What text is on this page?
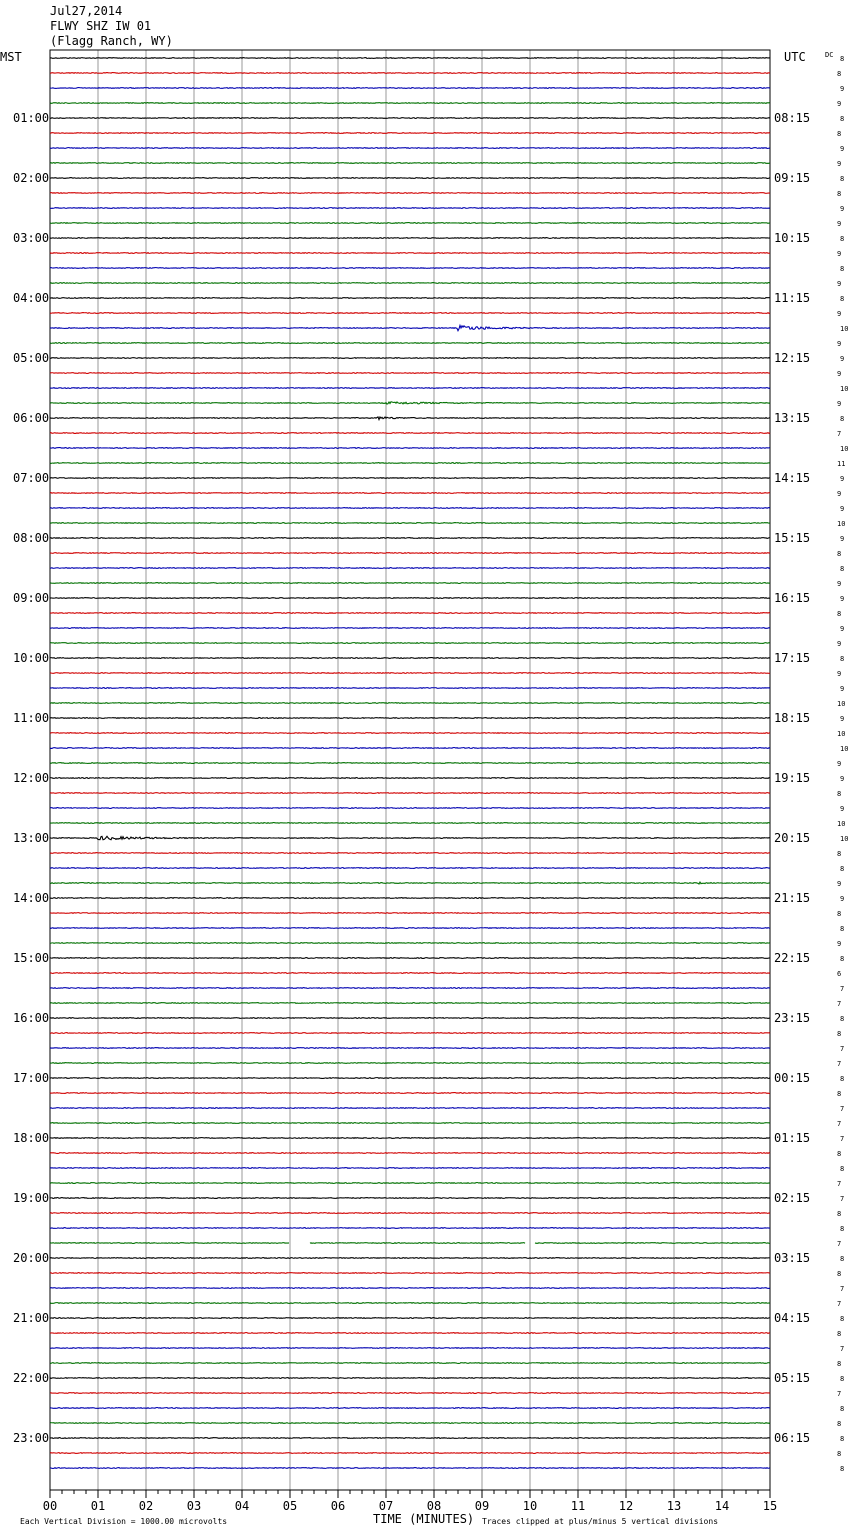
Jul27,2014
FLWY SHZ IW 01
(Flagg Ranch, WY)
01:00
02:00
03:00
04:00
05:00
06:00
07:00
08:00
09:00
10:00
11:00
12:00
13:00
14:00
15:00
16:00
17:00
18:00
19:00
20:00
21:00
22:00
23:00
08:15
09:15
10:15
11:15
12:15
13:15
14:15
15:15
16:15
17:15
18:15
19:15
20:15
21:15
22:15
23:15
00:15
01:15
02:15
03:15
04:15
05:15
06:15
8
8
9
9
8
8
9
9
8
8
9
9
8
9
8
9
8
9
10
9
9
9
10
9
8
7
10
11
9
9
9
10
9
8
8
9
9
8
9
9
8
9
9
10
9
10
10
9
9
8
9
10
10
8
8
9
9
8
8
9
8
6
7
7
8
8
7
7
8
8
7
7
7
8
8
7
7
8
8
7
8
8
7
7
8
8
7
8
8
7
8
8
8
8
8
00	01	02	03	04	05	06	07	08	09	10	11	12	13	14	15
MST	UTC	DC
TIME (MINUTES)
Each Vertical Division = 1000.00 microvolts	Traces clipped at plus/minus 5 vertical divisions
